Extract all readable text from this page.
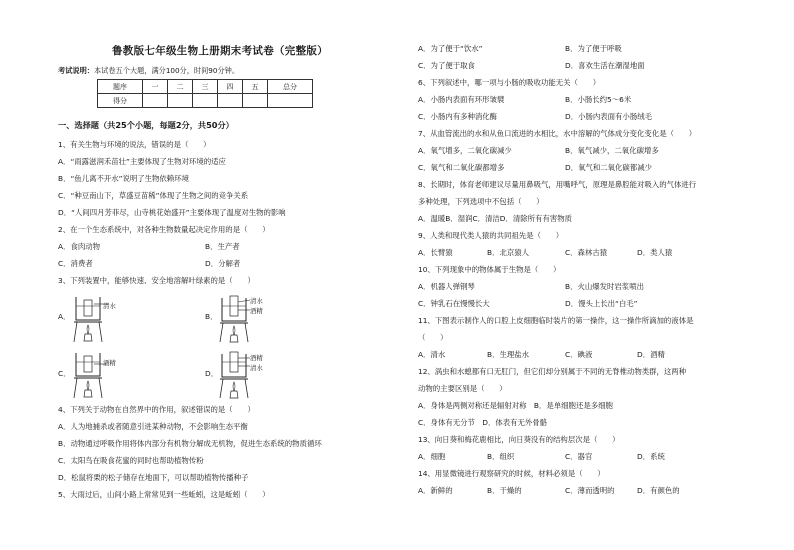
鲁教版七年级生物上册期末考试卷（完整版）
考试说明：本试卷五个大题，满分100分，时间90分钟。
题序	一	二	三	四	五	总分
得分						
一、选择题（共25个小题，每题2分，共50分）
1、有关生物与环境的说法，错误的是（　　）
A．“雨露滋润禾苗壮”主要体现了生物对环境的适应
B．“鱼儿离不开水”说明了生物依赖环境
C．“种豆南山下，草盛豆苗稀”体现了生物之间的竞争关系
D．“人间四月芳菲尽，山寺桃花始盛开”主要体现了温度对生物的影响
2、在一个生态系统中，对各种生物数量起决定作用的是（　　）
A．食肉动物	B．生产者
C．消费者	D．分解者
3、下列装置中，能够快速、安全地溶解叶绿素的是（　　）
A．
清水
B．
清水
酒精
C．
酒精
D．
酒精
清水
4、下列关于动物在自然界中的作用，叙述错误的是（　　）
A．人为地捕杀或者随意引进某种动物，不会影响生态平衡
B．动物通过呼吸作用将体内部分有机物分解成无机物，促进生态系统的物质循环
C．太阳鸟在吸食花蜜的同时也帮助植物传粉
D．松鼠将栗的松子储存在地面下，可以帮助植物传播种子
5、大雨过后，山间小路上常常见到一些蚯蚓，这是蚯蚓（　　）
A．为了便于“饮水”	B．为了便于呼吸
C．为了便于取食	D．喜欢生活在潮湿地面
6、下列叙述中，哪一项与小肠的吸收功能无关（　　）
A．小肠内表面有环形皱襞	B．小肠长约5～6米
C．小肠内有多种消化酶	D．小肠内表面有小肠绒毛
7、从血管流出的水和从鱼口流进的水相比，水中溶解的气体成分变化变化是（　　）
A．氧气增多，二氧化碳减少	B．氧气减少，二氧化碳增多
C．氧气和二氧化碳都增多	D．氧气和二氧化碳都减少
8、长期时，体育老师建议尽量用鼻吸气，用嘴呼气，原理是鼻腔能对吸入的气体进行
多种处理，下列选项中不包括（　　）
A．温暖B．湿润C．清洁D．清除所有有害物质
9、人类和现代类人猿的共同祖先是（　　）
A．长臂猿	B．北京猿人	C．森林古猿	D．类人猿
10、下列现象中的物体属于生物是（　　）
A．机器人弹钢琴	B．火山爆发时岩浆喷出
C．钟乳石在慢慢长大	D．馒头上长出“白毛”
11、下图表示制作人的口腔上皮细胞临时装片的第一操作，这一操作所滴加的液体是
（　　）
A．清水	B．生理盐水	C．碘液	D．酒精
12、涡虫和水螅都有口无肛门，但它们却分别属于不同的无脊椎动物类群，这两种
动物的主要区别是（　　）
A．身体是两侧对称还是辐射对称　B．是单细胞还是多细胞
C．身体有无分节　D．体表有无外骨骼
13、向日葵和梅花鹿相比，向日葵没有的结构层次是（　　）
A．细胞	B．组织	C．器官	D．系统
14、用显微镜进行观察研究的时候，材料必须是（　　）
A．新鲜的	B．干燥的	C．薄而透明的	D．有颜色的
